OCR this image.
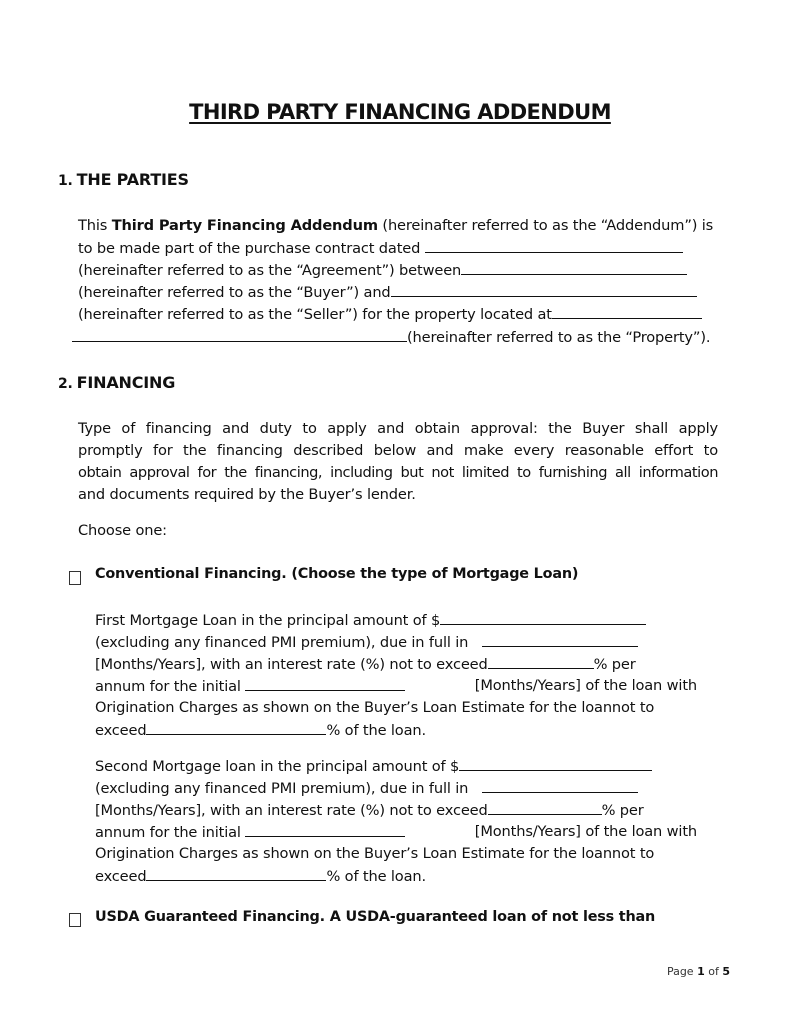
THIRD PARTY FINANCING ADDENDUM
1. THE PARTIES
This Third Party Financing Addendum (hereinafter referred to as the “Addendum”) is
to be made part of the purchase contract dated
(hereinafter referred to as the “Agreement”) between
(hereinafter referred to as the “Buyer”) and
(hereinafter referred to as the “Seller”) for the property located at
(hereinafter referred to as the “Property”).
2. FINANCING
Type of financing and duty to apply and obtain approval: the Buyer shall apply
promptly for the financing described below and make every reasonable effort to
obtain approval for the financing, including but not limited to furnishing all information
and documents required by the Buyer’s lender.
Choose one:
Conventional Financing. (Choose the type of Mortgage Loan)
First Mortgage Loan in the principal amount of $
(excluding any financed PMI premium), due in full in
[Months/Years], with an interest rate (%) not to exceed	% per
annum for the initial	[Months/Years] of the loan with
Origination Charges as shown on the Buyer’s Loan Estimate for the loannot to
exceed	% of the loan.
Second Mortgage loan in the principal amount of $
(excluding any financed PMI premium), due in full in
[Months/Years], with an interest rate (%) not to exceed	% per
annum for the initial	[Months/Years] of the loan with
Origination Charges as shown on the Buyer’s Loan Estimate for the loannot to
exceed	% of the loan.
USDA Guaranteed Financing. A USDA-guaranteed loan of not less than
Page 1 of 5
